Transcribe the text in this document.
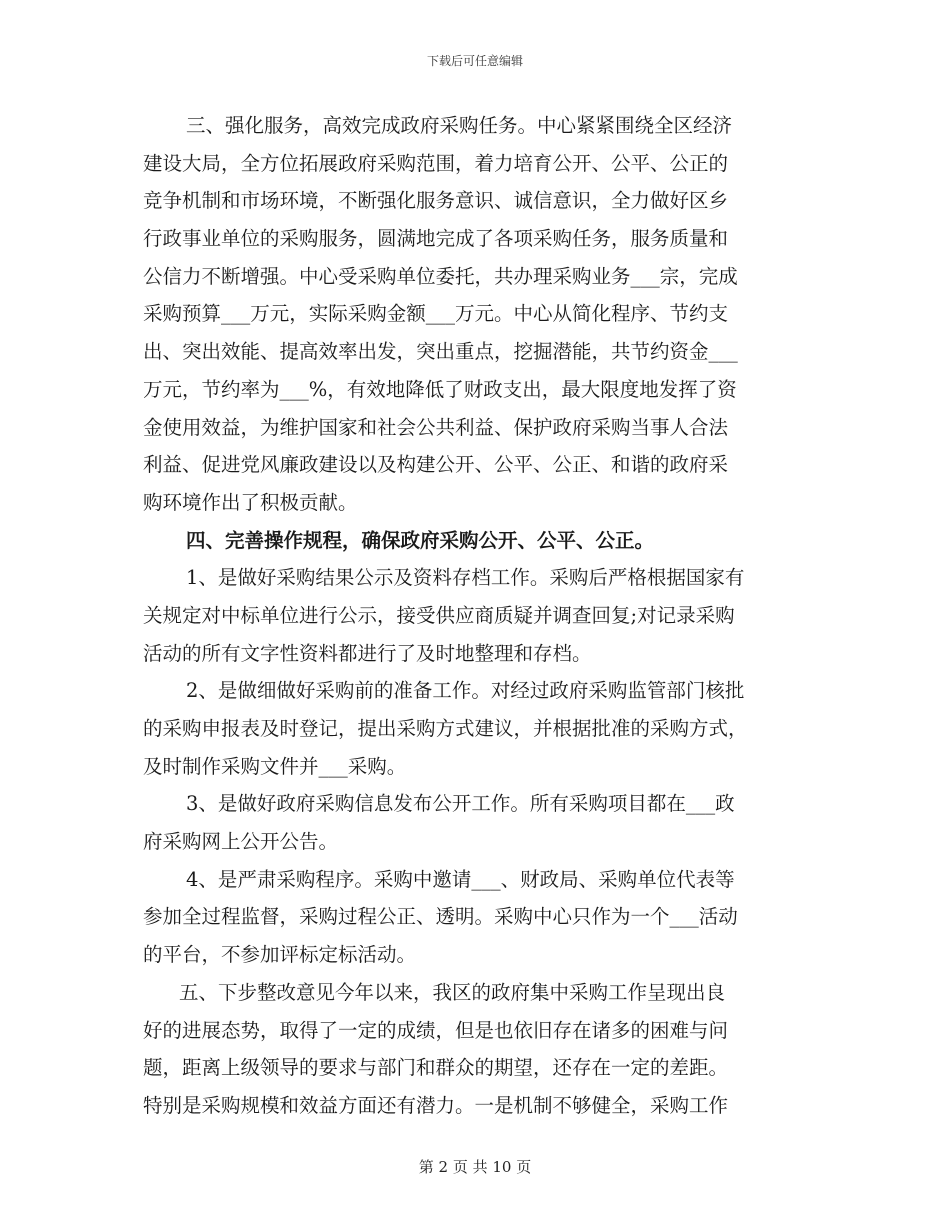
下载后可任意编辑
三、强化服务，高效完成政府采购任务。中心紧紧围绕全区经济
建设大局，全方位拓展政府采购范围，着力培育公开、公平、公正的
竞争机制和市场环境，不断强化服务意识、诚信意识，全力做好区乡
行政事业单位的采购服务，圆满地完成了各项采购任务，服务质量和
公信力不断增强。中心受采购单位委托，共办理采购业务___宗，完成
采购预算___万元，实际采购金额___万元。中心从简化程序、节约支
出、突出效能、提高效率出发，突出重点，挖掘潜能，共节约资金___
万元，节约率为___%，有效地降低了财政支出，最大限度地发挥了资
金使用效益，为维护国家和社会公共利益、保护政府采购当事人合法
利益、促进党风廉政建设以及构建公开、公平、公正、和谐的政府采
购环境作出了积极贡献。
四、完善操作规程，确保政府采购公开、公平、公正。
1、是做好采购结果公示及资料存档工作。采购后严格根据国家有
关规定对中标单位进行公示，接受供应商质疑并调查回复;对记录采购
活动的所有文字性资料都进行了及时地整理和存档。
2、是做细做好采购前的准备工作。对经过政府采购监管部门核批
的采购申报表及时登记，提出采购方式建议，并根据批准的采购方式，
及时制作采购文件并___采购。
3、是做好政府采购信息发布公开工作。所有采购项目都在___政
府采购网上公开公告。
4、是严肃采购程序。采购中邀请___、财政局、采购单位代表等
参加全过程监督，采购过程公正、透明。采购中心只作为一个___活动
的平台，不参加评标定标活动。
五、下步整改意见今年以来，我区的政府集中采购工作呈现出良
好的进展态势，取得了一定的成绩，但是也依旧存在诸多的困难与问
题，距离上级领导的要求与部门和群众的期望，还存在一定的差距。
特别是采购规模和效益方面还有潜力。一是机制不够健全，采购工作
第 2 页 共 10 页
